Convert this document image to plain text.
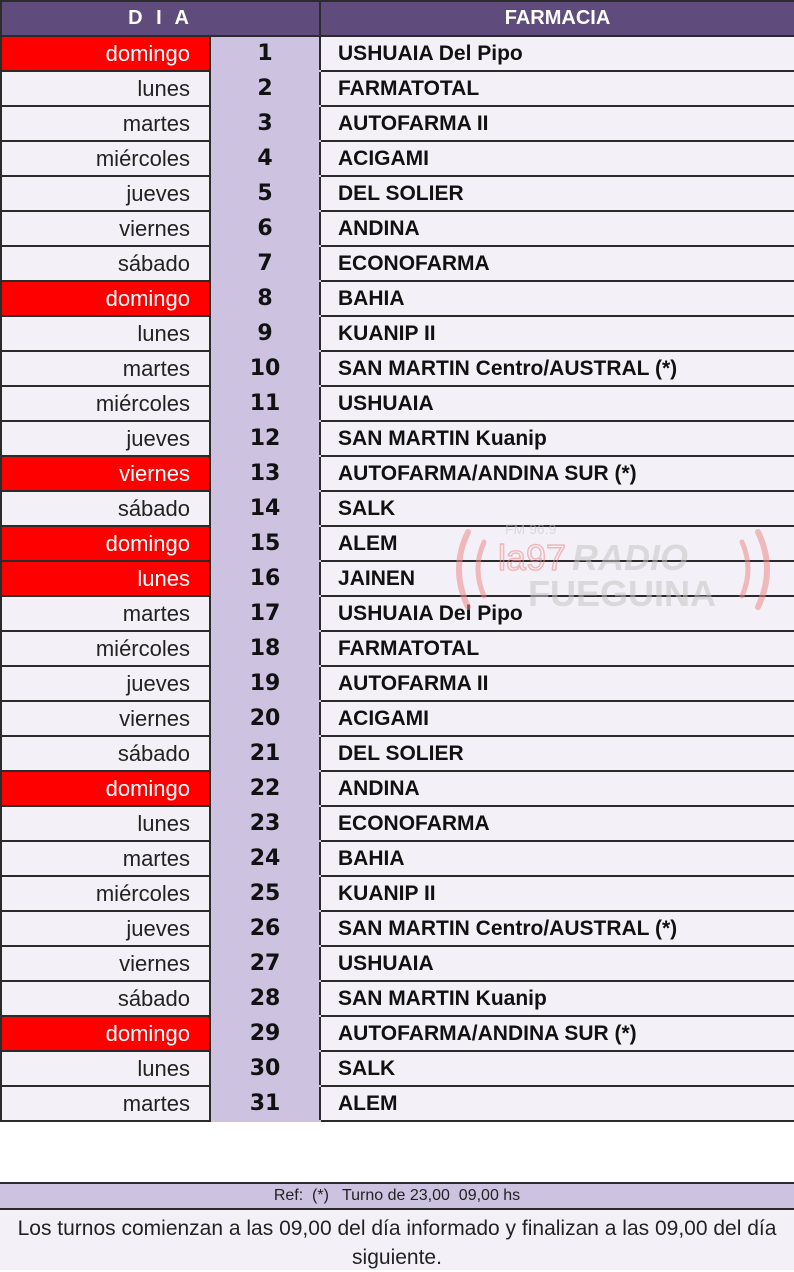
D I A		FARMACIA
domingo	1	USHUAIA Del Pipo
lunes	2	FARMATOTAL
martes	3	AUTOFARMA II
miércoles	4	ACIGAMI
jueves	5	DEL SOLIER
viernes	6	ANDINA
sábado	7	ECONOFARMA
domingo	8	BAHIA
lunes	9	KUANIP II
martes	10	SAN MARTIN Centro/AUSTRAL (*)
miércoles	11	USHUAIA
jueves	12	SAN MARTIN Kuanip
viernes	13	AUTOFARMA/ANDINA SUR (*)
sábado	14	SALK
domingo	15	ALEM
lunes	16	JAINEN
martes	17	USHUAIA Del Pipo
miércoles	18	FARMATOTAL
jueves	19	AUTOFARMA II
viernes	20	ACIGAMI
sábado	21	DEL SOLIER
domingo	22	ANDINA
lunes	23	ECONOFARMA
martes	24	BAHIA
miércoles	25	KUANIP II
jueves	26	SAN MARTIN Centro/AUSTRAL (*)
viernes	27	USHUAIA
sábado	28	SAN MARTIN Kuanip
domingo	29	AUTOFARMA/ANDINA SUR (*)
lunes	30	SALK
martes	31	ALEM
Ref:  (*)   Turno de 23,00  09,00 hs
Los turnos comienzan a las 09,00 del día informado y finalizan a las 09,00 del día siguiente.
FM 96.9
la97 RADIO
FUEGUINA
